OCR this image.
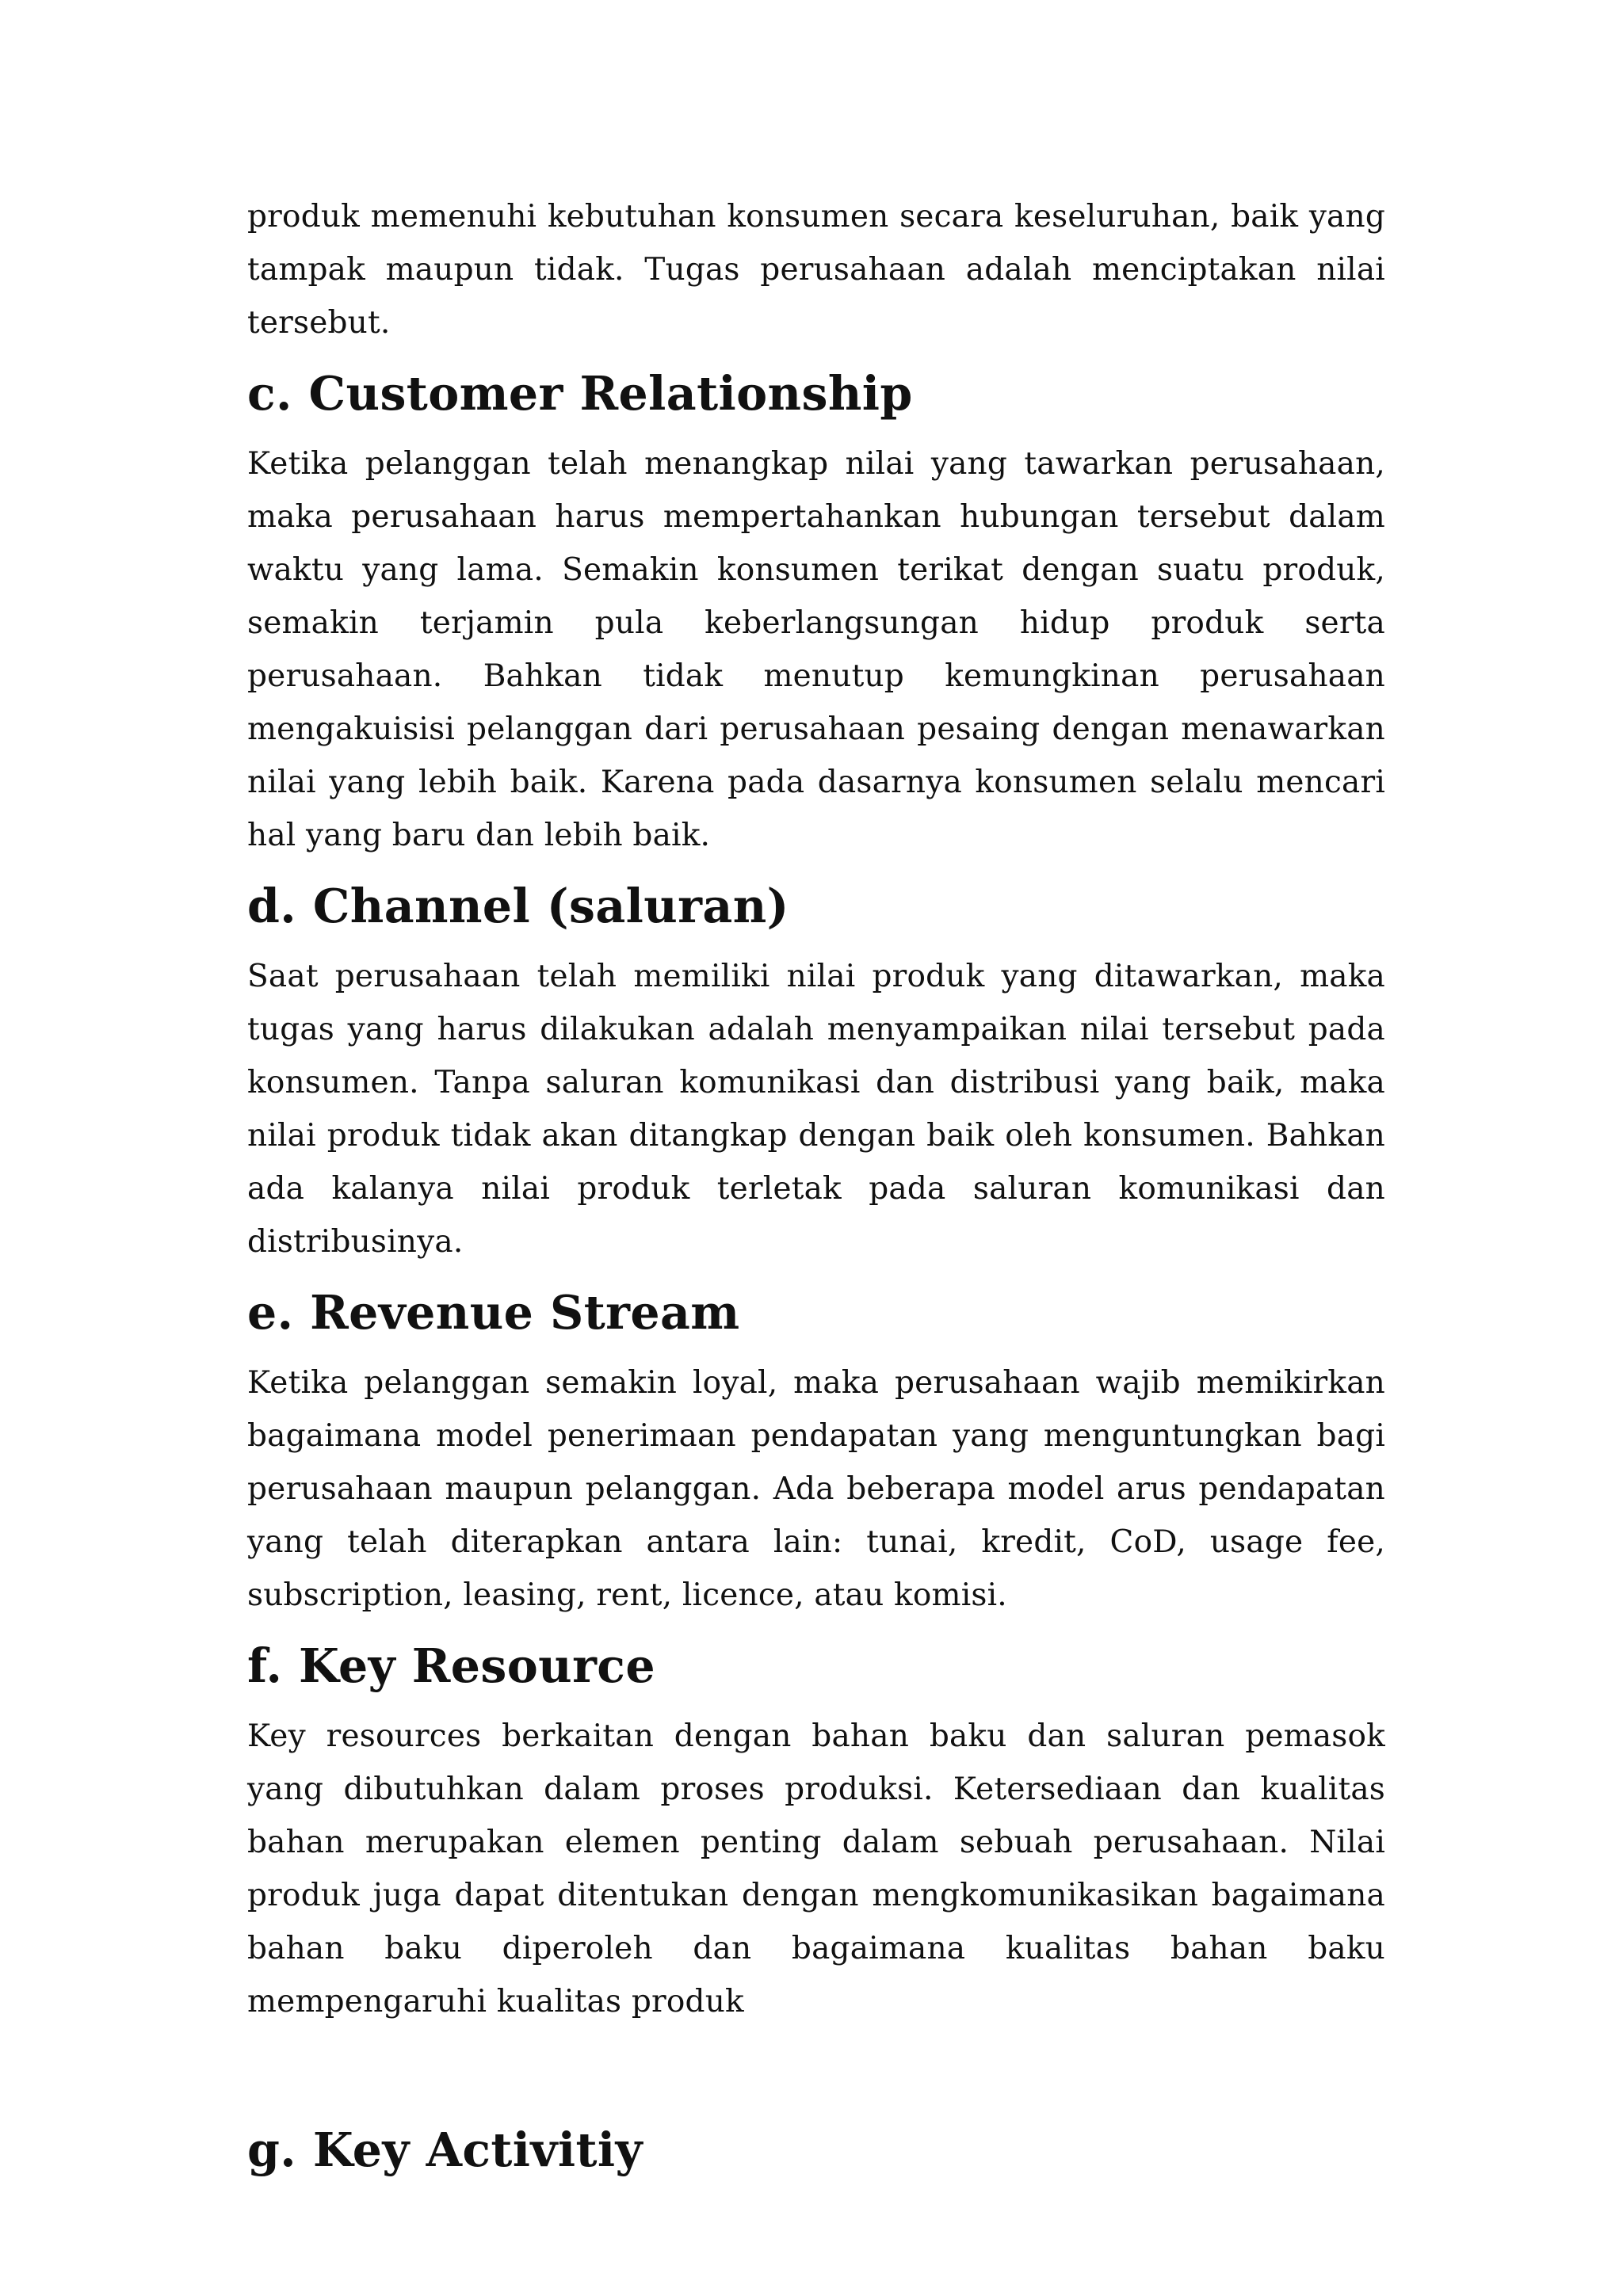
produk memenuhi kebutuhan konsumen secara keseluruhan, baik yang tampak maupun tidak. Tugas perusahaan adalah menciptakan nilai tersebut.

c. Customer Relationship

Ketika pelanggan telah menangkap nilai yang tawarkan perusahaan, maka perusahaan harus mempertahankan hubungan tersebut dalam waktu yang lama. Semakin konsumen terikat dengan suatu produk, semakin terjamin pula keberlangsungan hidup produk serta perusahaan. Bahkan tidak menutup kemungkinan perusahaan mengakuisisi pelanggan dari perusahaan pesaing dengan menawarkan nilai yang lebih baik. Karena pada dasarnya konsumen selalu mencari hal yang baru dan lebih baik.

d. Channel (saluran)

Saat perusahaan telah memiliki nilai produk yang ditawarkan, maka tugas yang harus dilakukan adalah menyampaikan nilai tersebut pada konsumen. Tanpa saluran komunikasi dan distribusi yang baik, maka nilai produk tidak akan ditangkap dengan baik oleh konsumen. Bahkan ada kalanya nilai produk terletak pada saluran komunikasi dan distribusinya.

e. Revenue Stream

Ketika pelanggan semakin loyal, maka perusahaan wajib memikirkan bagaimana model penerimaan pendapatan yang menguntungkan bagi perusahaan maupun pelanggan. Ada beberapa model arus pendapatan yang telah diterapkan antara lain: tunai, kredit, CoD, usage fee, subscription, leasing, rent, licence, atau komisi.

f. Key Resource

Key resources berkaitan dengan bahan baku dan saluran pemasok yang dibutuhkan dalam proses produksi. Ketersediaan dan kualitas bahan merupakan elemen penting dalam sebuah perusahaan. Nilai produk juga dapat ditentukan dengan mengkomunikasikan bagaimana bahan baku diperoleh dan bagaimana kualitas bahan baku mempengaruhi kualitas produk

g. Key Activitiy
